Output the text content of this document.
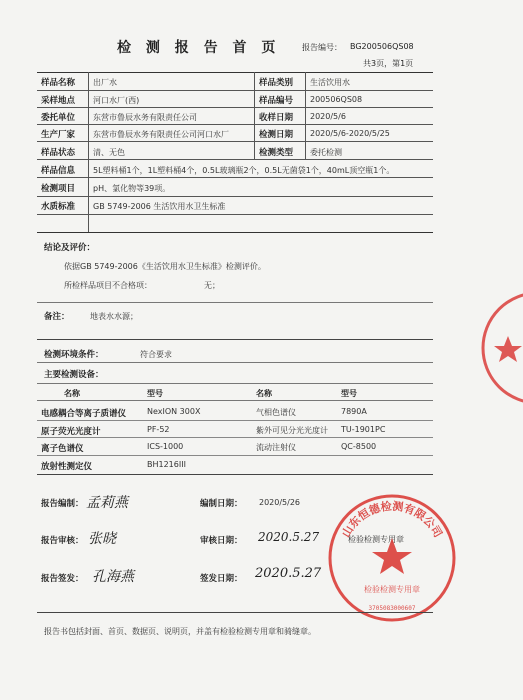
检 测 报 告 首 页	报告编号： BG200506QS08
共3页，第1页
样品名称 出厂水	样品类别 生活饮用水
采样地点 河口水厂(西)	样品编号 200506QS08
委托单位 东营市鲁辰水务有限责任公司	收样日期 2020/5/6
生产厂家 东营市鲁辰水务有限责任公司河口水厂	检测日期 2020/5/6-2020/5/25
样品状态 清、无色	检测类型 委托检测
样品信息 5L塑料桶1个，1L塑料桶4个，0.5L玻璃瓶2个，0.5L无菌袋1个，40mL顶空瓶1个。
检测项目 pH、氯化物等39项。
水质标准 GB 5749-2006 生活饮用水卫生标准
结论及评价：
依据GB 5749-2006《生活饮用水卫生标准》检测评价。
所检样品项目不合格项：	无；
备注：	地表水水源；
检测环境条件：	符合要求
主要检测设备：
名称	型号	名称	型号
电感耦合等离子质谱仪	NexION 300X	气相色谱仪	7890A
原子荧光光度计	PF-52	紫外可见分光光度计 TU-1901PC
离子色谱仪	ICS-1000	流动注射仪	QC-8500
放射性测定仪	BH1216III
报告编制： 孟莉燕	编制日期： 2020/5/26
报告审核： 张晓	审核日期： 2020.5.27	检验检测专用章
报告签发： 孔海燕	签发日期： 2020.5.27
山东恒德检测有限公司
检验检测专用章
3705083000607
报告书包括封面、首页、数据页、说明页，并盖有检验检测专用章和骑缝章。
